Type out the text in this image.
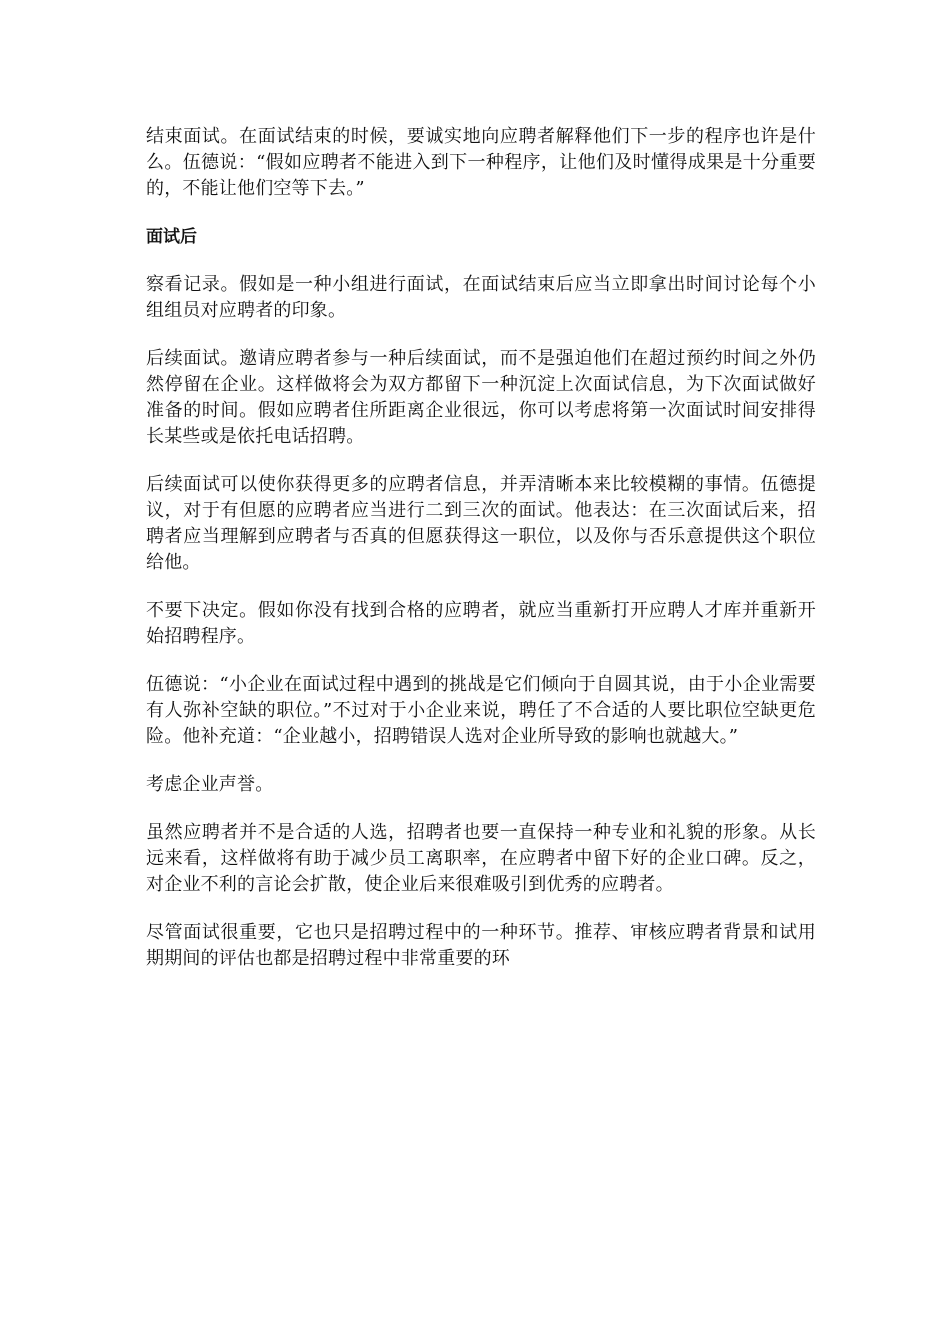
结束面试。在面试结束的时候，要诚实地向应聘者解释他们下一步的程序也许是什么。伍德说：“假如应聘者不能进入到下一种程序，让他们及时懂得成果是十分重要的，不能让他们空等下去。”

面试后

察看记录。假如是一种小组进行面试，在面试结束后应当立即拿出时间讨论每个小组组员对应聘者的印象。

后续面试。邀请应聘者参与一种后续面试，而不是强迫他们在超过预约时间之外仍然停留在企业。这样做将会为双方都留下一种沉淀上次面试信息，为下次面试做好准备的时间。假如应聘者住所距离企业很远，你可以考虑将第一次面试时间安排得长某些或是依托电话招聘。

后续面试可以使你获得更多的应聘者信息，并弄清晰本来比较模糊的事情。伍德提议，对于有但愿的应聘者应当进行二到三次的面试。他表达：在三次面试后来，招聘者应当理解到应聘者与否真的但愿获得这一职位，以及你与否乐意提供这个职位给他。

不要下决定。假如你没有找到合格的应聘者，就应当重新打开应聘人才库并重新开始招聘程序。

伍德说：“小企业在面试过程中遇到的挑战是它们倾向于自圆其说，由于小企业需要有人弥补空缺的职位。”不过对于小企业来说，聘任了不合适的人要比职位空缺更危险。他补充道：“企业越小，招聘错误人选对企业所导致的影响也就越大。”

考虑企业声誉。

虽然应聘者并不是合适的人选，招聘者也要一直保持一种专业和礼貌的形象。从长远来看，这样做将有助于减少员工离职率，在应聘者中留下好的企业口碑。反之，对企业不利的言论会扩散，使企业后来很难吸引到优秀的应聘者。

尽管面试很重要，它也只是招聘过程中的一种环节。推荐、审核应聘者背景和试用期期间的评估也都是招聘过程中非常重要的环
